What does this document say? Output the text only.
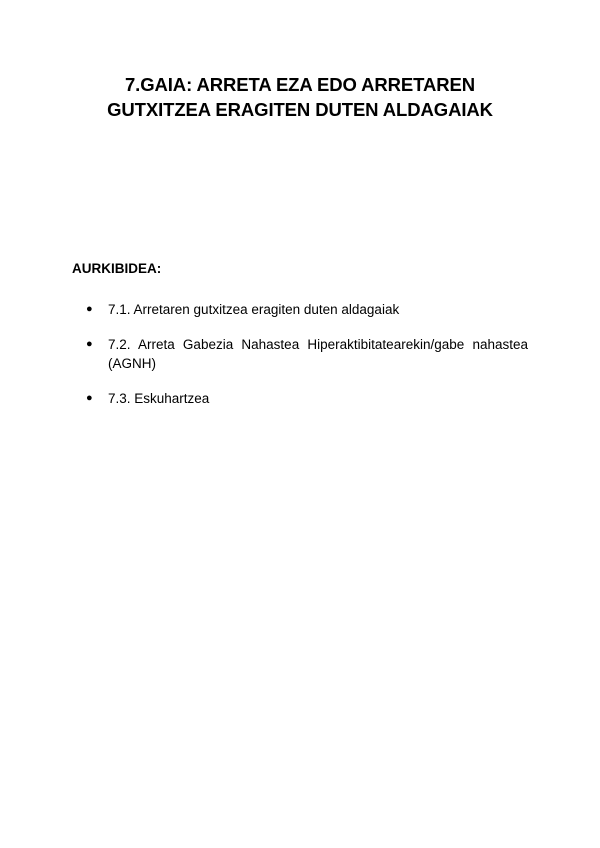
7.GAIA: ARRETA EZA EDO ARRETAREN
GUTXITZEA ERAGITEN DUTEN ALDAGAIAK
AURKIBIDEA:
● 7.1. Arretaren gutxitzea eragiten duten aldagaiak
● 7.2. Arreta Gabezia Nahastea Hiperaktibitatearekin/gabe nahastea (AGNH)
● 7.3. Eskuhartzea
